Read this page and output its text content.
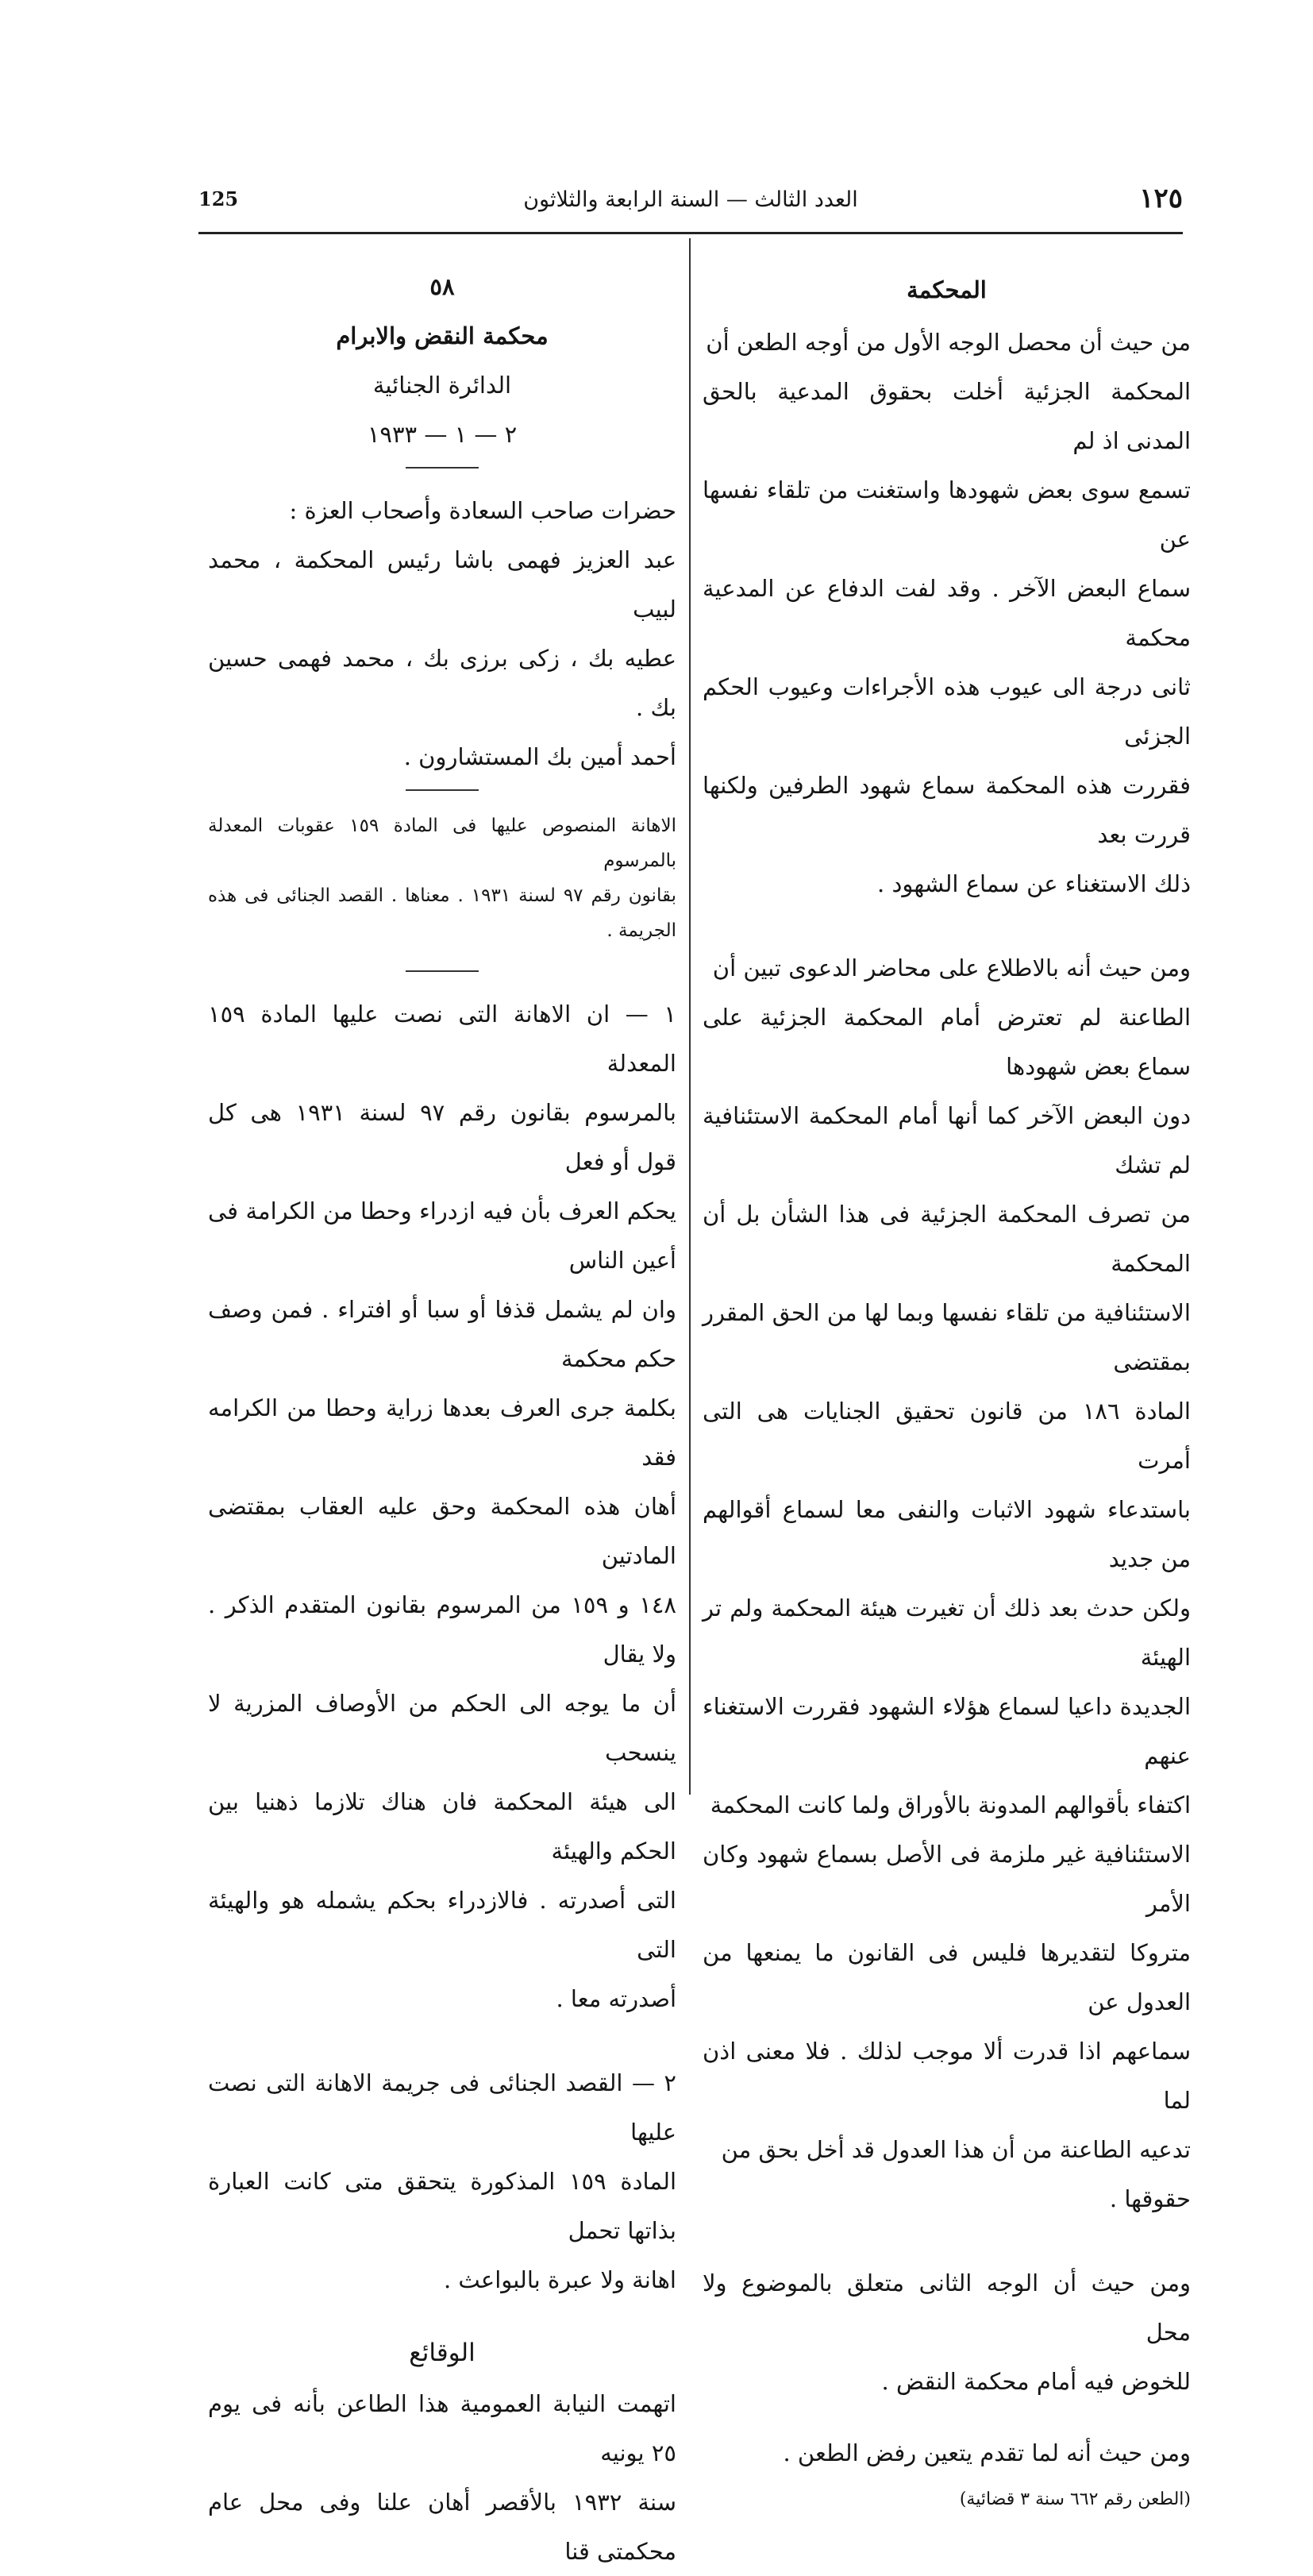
125	العدد الثالث — السنة الرابعة والثلاثون	١٢٥

المحكمة

من حيث أن محصل الوجه الأول من أوجه الطعن أن

المحكمة الجزئية أخلت بحقوق المدعية بالحق المدنى اذ لم

تسمع سوى بعض شهودها واستغنت من تلقاء نفسها عن

سماع البعض الآخر . وقد لفت الدفاع عن المدعية محكمة

ثانى درجة الى عيوب هذه الأجراءات وعيوب الحكم الجزئى

فقررت هذه المحكمة سماع شهود الطرفين ولكنها قررت بعد

ذلك الاستغناء عن سماع الشهود .

ومن حيث أنه بالاطلاع على محاضر الدعوى تبين أن

الطاعنة لم تعترض أمام المحكمة الجزئية على سماع بعض شهودها

دون البعض الآخر كما أنها أمام المحكمة الاستئنافية لم تشك

من تصرف المحكمة الجزئية فى هذا الشأن بل أن المحكمة

الاستئنافية من تلقاء نفسها وبما لها من الحق المقرر بمقتضى

المادة ١٨٦ من قانون تحقيق الجنايات هى التى أمرت

باستدعاء شهود الاثبات والنفى معا لسماع أقوالهم من جديد

ولكن حدث بعد ذلك أن تغيرت هيئة المحكمة ولم تر الهيئة

الجديدة داعيا لسماع هؤلاء الشهود فقررت الاستغناء عنهم

اكتفاء بأقوالهم المدونة بالأوراق ولما كانت المحكمة

الاستئنافية غير ملزمة فى الأصل بسماع شهود وكان الأمر

متروكا لتقديرها فليس فى القانون ما يمنعها من العدول عن

سماعهم اذا قدرت ألا موجب لذلك . فلا معنى اذن لما

تدعيه الطاعنة من أن هذا العدول قد أخل بحق من

حقوقها .

ومن حيث أن الوجه الثانى متعلق بالموضوع ولا محل

للخوض فيه أمام محكمة النقض .

ومن حيث أنه لما تقدم يتعين رفض الطعن .

(الطعن رقم ٦٦٢ سنة ٣ قضائية)

٥٨

محكمة النقض والابرام

الدائرة الجنائية

٢ — ١ — ١٩٣٣

حضرات صاحب السعادة وأصحاب العزة :

عبد العزيز فهمى باشا رئيس المحكمة ، محمد لبيب

عطيه بك ، زكى برزى بك ، محمد فهمى حسين بك .

أحمد أمين بك المستشارون .

الاهانة المنصوص عليها فى المادة ١٥٩ عقوبات المعدلة بالمرسوم

بقانون رقم ٩٧ لسنة ١٩٣١ . معناها . القصد الجنائى فى هذه الجريمة .

١ — ان الاهانة التى نصت عليها المادة ١٥٩ المعدلة

بالمرسوم بقانون رقم ٩٧ لسنة ١٩٣١ هى كل قول أو فعل

يحكم العرف بأن فيه ازدراء وحطا من الكرامة فى أعين الناس

وان لم يشمل قذفا أو سبا أو افتراء . فمن وصف حكم محكمة

بكلمة جرى العرف بعدها زراية وحطا من الكرامه فقد

أهان هذه المحكمة وحق عليه العقاب بمقتضى المادتين

١٤٨ و ١٥٩ من المرسوم بقانون المتقدم الذكر . ولا يقال

أن ما يوجه الى الحكم من الأوصاف المزرية لا ينسحب

الى هيئة المحكمة فان هناك تلازما ذهنيا بين الحكم والهيئة

التى أصدرته . فالازدراء بحكم يشمله هو والهيئة التى

أصدرته معا .

٢ — القصد الجنائى فى جريمة الاهانة التى نصت عليها

المادة ١٥٩ المذكورة يتحقق متى كانت العبارة بذاتها تحمل

اهانة ولا عبرة بالبواعث .

الوقائع

اتهمت النيابة العمومية هذا الطاعن بأنه فى يوم ٢٥ يونيه

سنة ١٩٣٢ بالأقصر أهان علنا وفى محل عام محكمتى قنا
